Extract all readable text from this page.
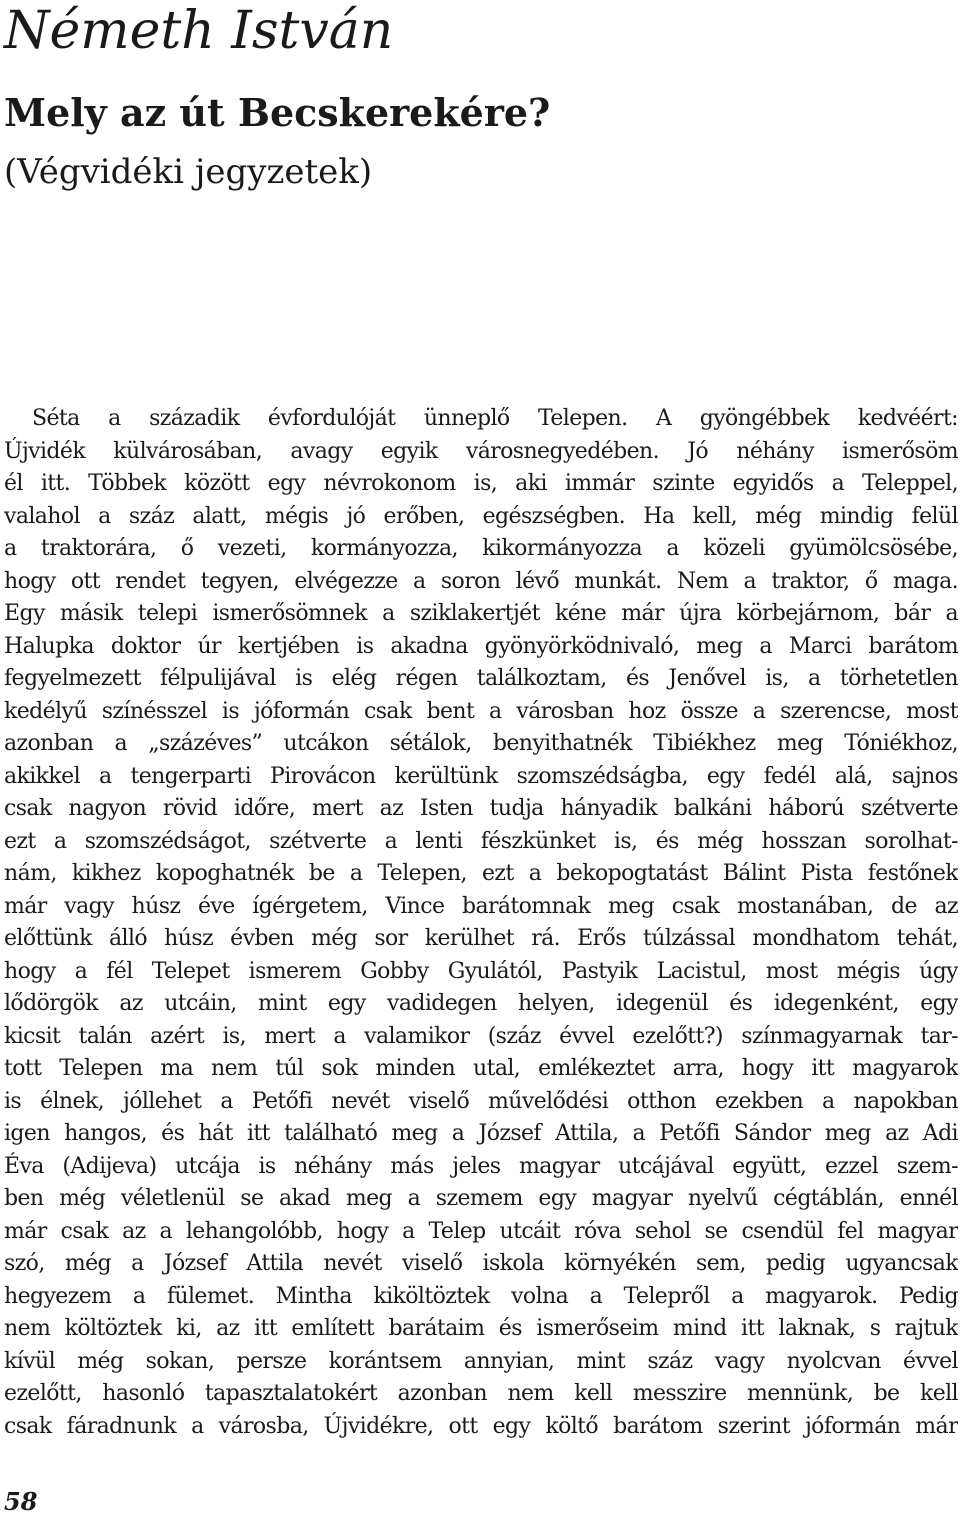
Németh István
Mely az út Becskerekére?
(Végvidéki jegyzetek)
Séta a századik évfordulóját ünneplő Telepen. A gyöngébbek kedvéért:
Újvidék külvárosában, avagy egyik városnegyedében. Jó néhány ismerősöm
él itt. Többek között egy névrokonom is, aki immár szinte egyidős a Teleppel,
valahol a száz alatt, mégis jó erőben, egészségben. Ha kell, még mindig felül
a traktorára, ő vezeti, kormányozza, kikormányozza a közeli gyümölcsösébe,
hogy ott rendet tegyen, elvégezze a soron lévő munkát. Nem a traktor, ő maga.
Egy másik telepi ismerősömnek a sziklakertjét kéne már újra körbejárnom, bár a
Halupka doktor úr kertjében is akadna gyönyörködnivaló, meg a Marci barátom
fegyelmezett félpulijával is elég régen találkoztam, és Jenővel is, a törhetetlen
kedélyű színésszel is jóformán csak bent a városban hoz össze a szerencse, most
azonban a „százéves” utcákon sétálok, benyithatnék Tibiékhez meg Tóniékhoz,
akikkel a tengerparti Pirovácon kerültünk szomszédságba, egy fedél alá, sajnos
csak nagyon rövid időre, mert az Isten tudja hányadik balkáni háború szétverte
ezt a szomszédságot, szétverte a lenti fészkünket is, és még hosszan sorolhat-
nám, kikhez kopoghatnék be a Telepen, ezt a bekopogtatást Bálint Pista festőnek
már vagy húsz éve ígérgetem, Vince barátomnak meg csak mostanában, de az
előttünk álló húsz évben még sor kerülhet rá. Erős túlzással mondhatom tehát,
hogy a fél Telepet ismerem Gobby Gyulától, Pastyik Lacistul, most mégis úgy
lődörgök az utcáin, mint egy vadidegen helyen, idegenül és idegenként, egy
kicsit talán azért is, mert a valamikor (száz évvel ezelőtt?) színmagyarnak tar-
tott Telepen ma nem túl sok minden utal, emlékeztet arra, hogy itt magyarok
is élnek, jóllehet a Petőfi nevét viselő művelődési otthon ezekben a napokban
igen hangos, és hát itt található meg a József Attila, a Petőfi Sándor meg az Adi
Éva (Adijeva) utcája is néhány más jeles magyar utcájával együtt, ezzel szem-
ben még véletlenül se akad meg a szemem egy magyar nyelvű cégtáblán, ennél
már csak az a lehangolóbb, hogy a Telep utcáit róva sehol se csendül fel magyar
szó, még a József Attila nevét viselő iskola környékén sem, pedig ugyancsak
hegyezem a fülemet. Mintha kiköltöztek volna a Telepről a magyarok. Pedig
nem költöztek ki, az itt említett barátaim és ismerőseim mind itt laknak, s rajtuk
kívül még sokan, persze korántsem annyian, mint száz vagy nyolcvan évvel
ezelőtt, hasonló tapasztalatokért azonban nem kell messzire mennünk, be kell
csak fáradnunk a városba, Újvidékre, ott egy költő barátom szerint jóformán már
58
